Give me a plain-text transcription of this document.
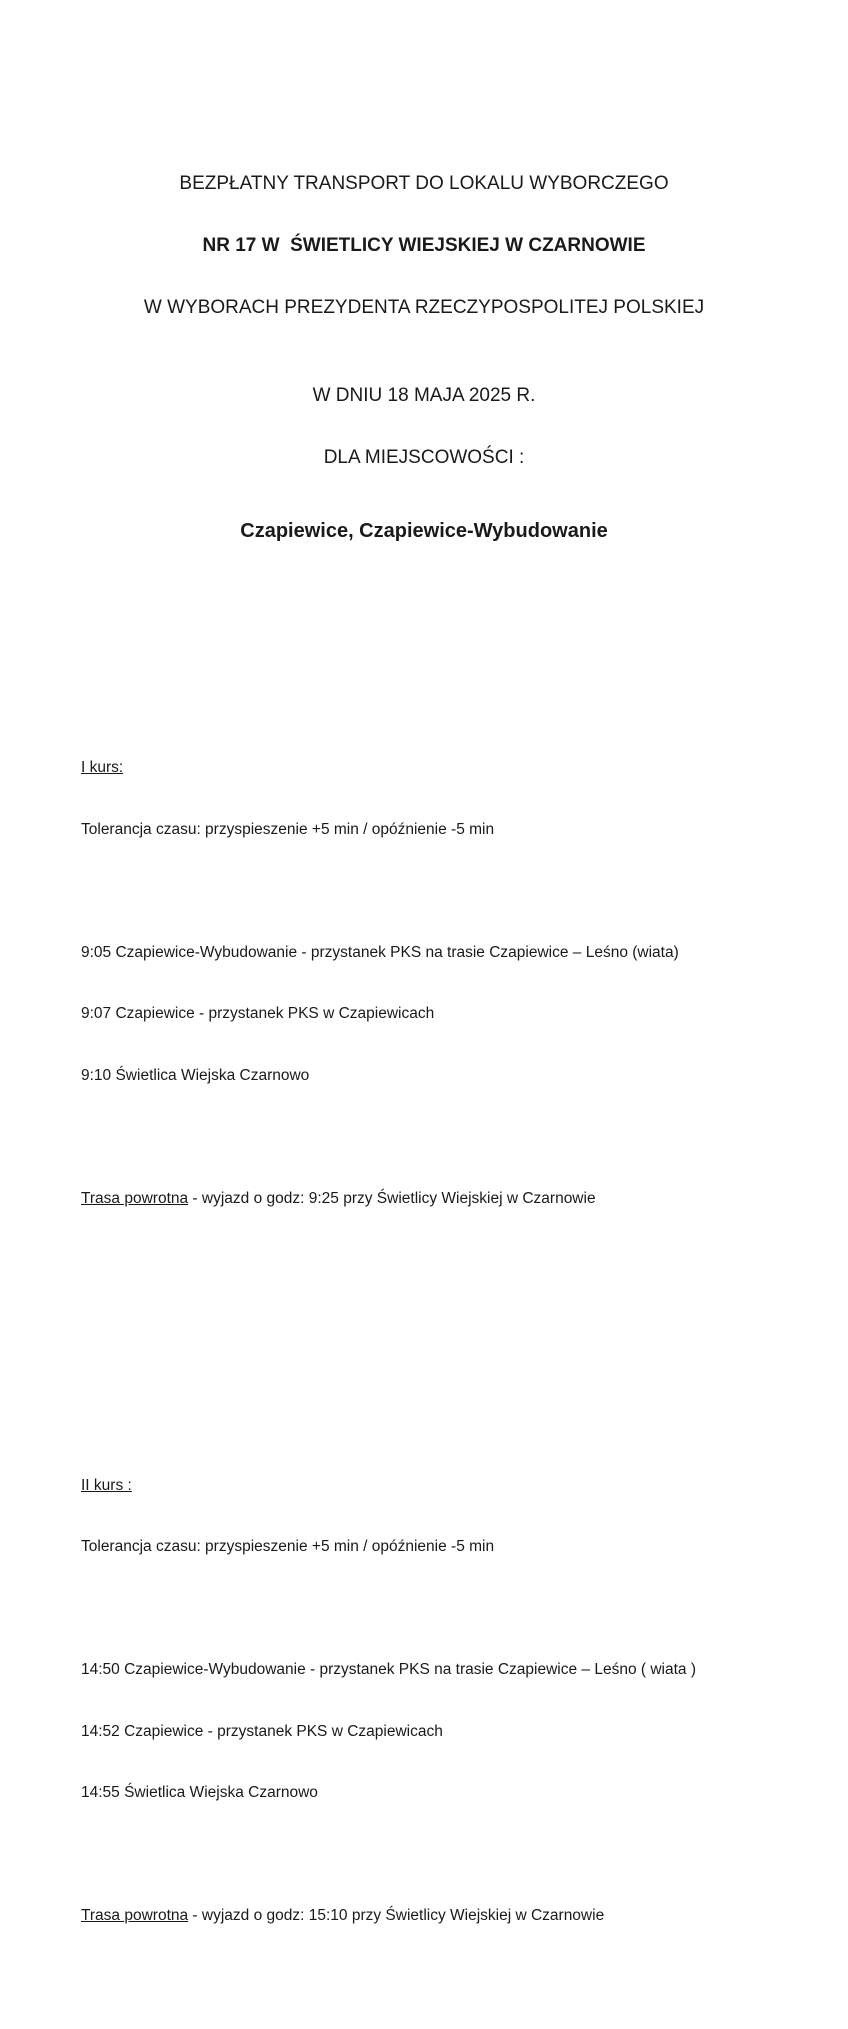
BEZPŁATNY TRANSPORT DO LOKALU WYBORCZEGO

NR 17 W  ŚWIETLICY WIEJSKIEJ W CZARNOWIE

W WYBORACH PREZYDENTA RZECZYPOSPOLITEJ POLSKIEJ

W DNIU 18 MAJA 2025 R.

DLA MIEJSCOWOŚCI :

Czapiewice, Czapiewice-Wybudowanie

I kurs:

Tolerancja czasu: przyspieszenie +5 min / opóźnienie -5 min

9:05 Czapiewice-Wybudowanie - przystanek PKS na trasie Czapiewice – Leśno (wiata)

9:07 Czapiewice - przystanek PKS w Czapiewicach

9:10 Świetlica Wiejska Czarnowo

Trasa powrotna - wyjazd o godz: 9:25 przy Świetlicy Wiejskiej w Czarnowie

II kurs :

Tolerancja czasu: przyspieszenie +5 min / opóźnienie -5 min

14:50 Czapiewice-Wybudowanie - przystanek PKS na trasie Czapiewice – Leśno ( wiata )

14:52 Czapiewice - przystanek PKS w Czapiewicach

14:55 Świetlica Wiejska Czarnowo

Trasa powrotna - wyjazd o godz: 15:10 przy Świetlicy Wiejskiej w Czarnowie
